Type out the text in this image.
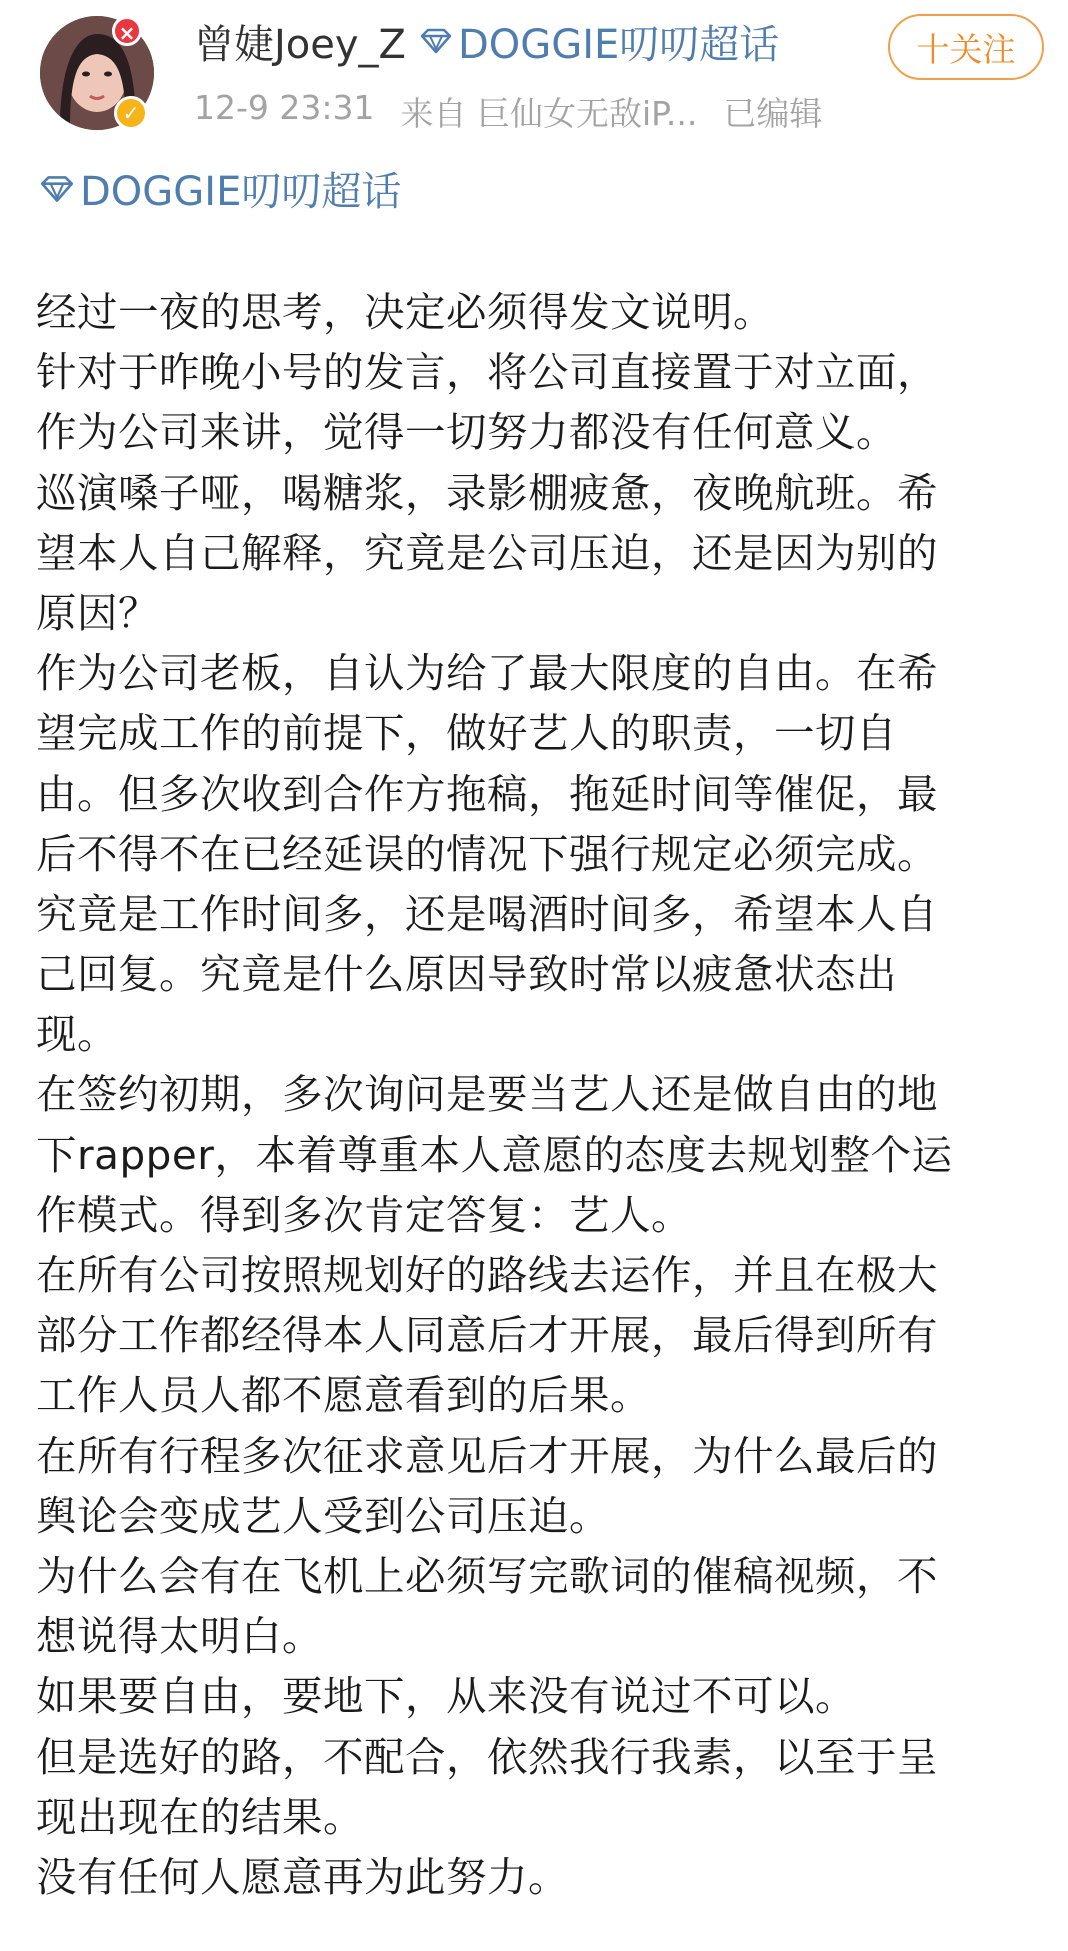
×
✓
曾婕Joey_Z DOGGIE叨叨超话
12-9 23:31 来自 巨仙女无敌iP... 已编辑
十关注
DOGGIE叨叨超话
经过一夜的思考，决定必须得发文说明。
针对于昨晚小号的发言，将公司直接置于对立面，
作为公司来讲，觉得一切努力都没有任何意义。
巡演嗓子哑，喝糖浆，录影棚疲惫，夜晚航班。希
望本人自己解释，究竟是公司压迫，还是因为别的
原因？
作为公司老板，自认为给了最大限度的自由。在希
望完成工作的前提下，做好艺人的职责，一切自
由。但多次收到合作方拖稿，拖延时间等催促，最
后不得不在已经延误的情况下强行规定必须完成。
究竟是工作时间多，还是喝酒时间多，希望本人自
己回复。究竟是什么原因导致时常以疲惫状态出
现。
在签约初期，多次询问是要当艺人还是做自由的地
下rapper，本着尊重本人意愿的态度去规划整个运
作模式。得到多次肯定答复：艺人。
在所有公司按照规划好的路线去运作，并且在极大
部分工作都经得本人同意后才开展，最后得到所有
工作人员人都不愿意看到的后果。
在所有行程多次征求意见后才开展，为什么最后的
舆论会变成艺人受到公司压迫。
为什么会有在飞机上必须写完歌词的催稿视频，不
想说得太明白。
如果要自由，要地下，从来没有说过不可以。
但是选好的路，不配合，依然我行我素，以至于呈
现出现在的结果。
没有任何人愿意再为此努力。
